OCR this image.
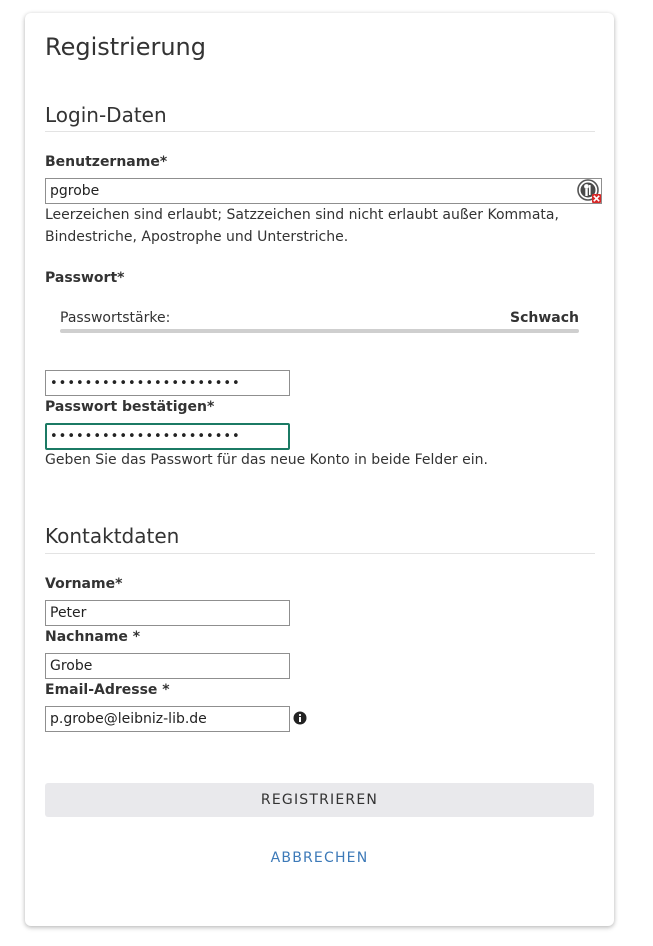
Registrierung
Login-Daten
Benutzername*
pgrobe
Leerzeichen sind erlaubt; Satzzeichen sind nicht erlaubt außer Kommata, Bindestriche, Apostrophe und Unterstriche.
Passwort*
Passwortstärke:	Schwach
••••••••••••••••••••••
Passwort bestätigen*
••••••••••••••••••••••
Geben Sie das Passwort für das neue Konto in beide Felder ein.
Kontaktdaten
Vorname*
Peter
Nachname *
Grobe
Email-Adresse *
p.grobe@leibniz-lib.de
REGISTRIEREN
ABBRECHEN
